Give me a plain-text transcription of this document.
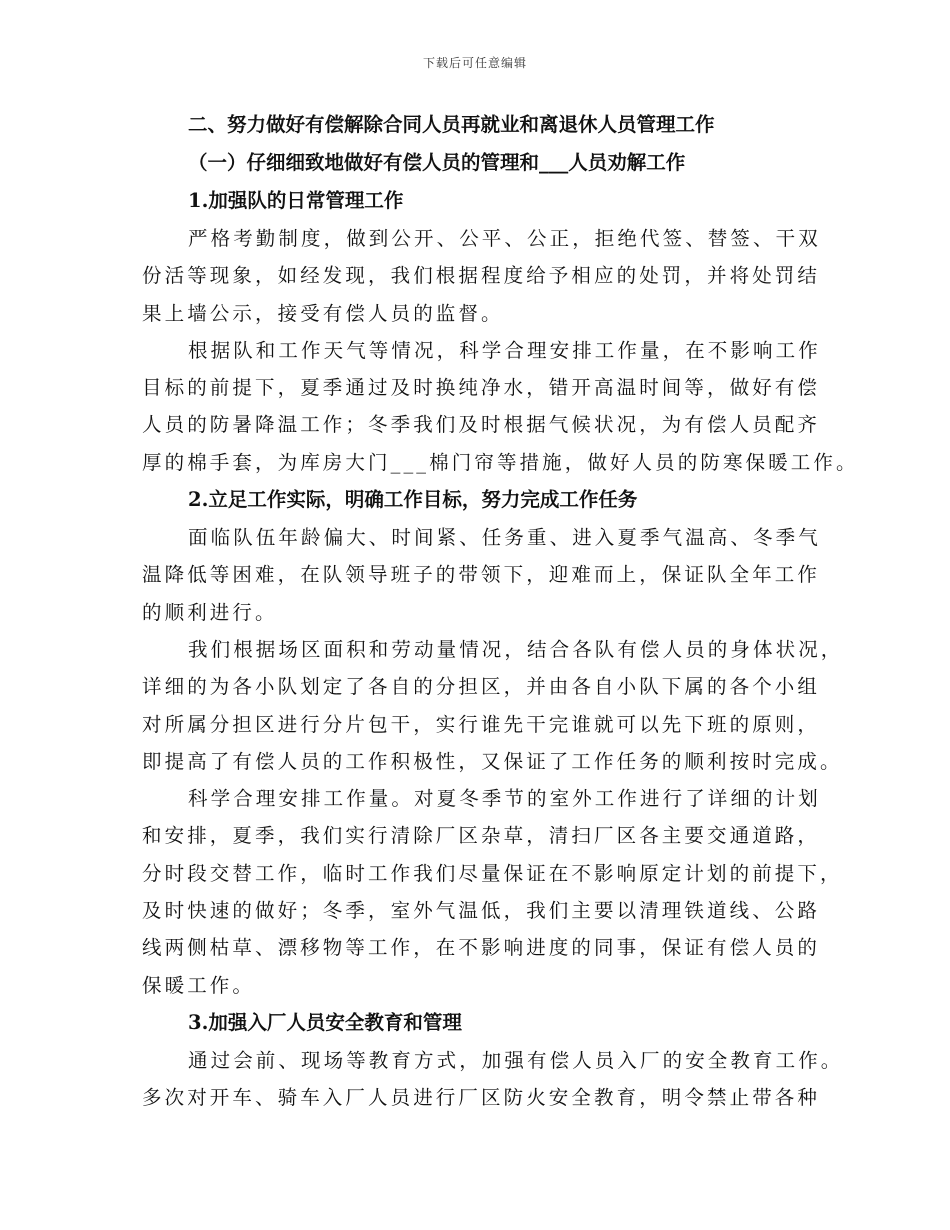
下载后可任意编辑
二、努力做好有偿解除合同人员再就业和离退休人员管理工作
（一）仔细细致地做好有偿人员的管理和___人员劝解工作
1.加强队的日常管理工作

严格考勤制度，做到公开、公平、公正，拒绝代签、替签、干双
份活等现象，如经发现，我们根据程度给予相应的处罚，并将处罚结
果上墙公示，接受有偿人员的监督。

根据队和工作天气等情况，科学合理安排工作量，在不影响工作
目标的前提下，夏季通过及时换纯净水，错开高温时间等，做好有偿
人员的防暑降温工作；冬季我们及时根据气候状况，为有偿人员配齐
厚的棉手套，为库房大门___棉门帘等措施，做好人员的防寒保暖工作。

2.立足工作实际，明确工作目标，努力完成工作任务

面临队伍年龄偏大、时间紧、任务重、进入夏季气温高、冬季气
温降低等困难，在队领导班子的带领下，迎难而上，保证队全年工作
的顺利进行。

我们根据场区面积和劳动量情况，结合各队有偿人员的身体状况，
详细的为各小队划定了各自的分担区，并由各自小队下属的各个小组
对所属分担区进行分片包干，实行谁先干完谁就可以先下班的原则，
即提高了有偿人员的工作积极性，又保证了工作任务的顺利按时完成。

科学合理安排工作量。对夏冬季节的室外工作进行了详细的计划
和安排，夏季，我们实行清除厂区杂草，清扫厂区各主要交通道路，
分时段交替工作，临时工作我们尽量保证在不影响原定计划的前提下，
及时快速的做好；冬季，室外气温低，我们主要以清理铁道线、公路
线两侧枯草、漂移物等工作，在不影响进度的同事，保证有偿人员的
保暖工作。

3.加强入厂人员安全教育和管理

通过会前、现场等教育方式，加强有偿人员入厂的安全教育工作。
多次对开车、骑车入厂人员进行厂区防火安全教育，明令禁止带各种
